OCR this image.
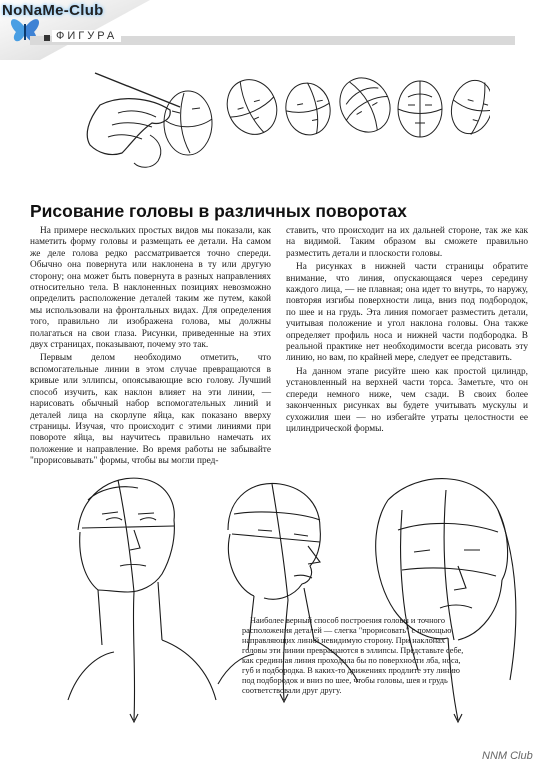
NoNaMe-Club
ФИГУРА
Рисование головы в различных поворотах

На примере нескольких простых видов мы показали, как наметить форму головы и размещать ее детали. На самом же деле голова редко рассматривается точно спереди. Обычно она повернута или наклонена в ту или другую сторону; она может быть повернута в разных направлениях относительно тела. В наклоненных позициях невозможно определить расположение деталей таким же путем, какой мы использовали на фронтальных видах. Для определения того, правильно ли изображена голова, мы должны полагаться на свои глаза. Рисунки, приведенные на этих двух страницах, показывают, почему это так.

Первым делом необходимо отметить, что вспомогательные линии в этом случае превращаются в кривые или эллипсы, опоясывающие всю голову. Лучший способ изучить, как наклон влияет на эти линии, — нарисовать обычный набор вспомогательных линий и деталей лица на скорлупе яйца, как показано вверху страницы. Изучая, что происходит с этими линиями при повороте яйца, вы научитесь правильно намечать их положение и направление. Во время работы не забывайте "прорисовывать" формы, чтобы вы могли пред-

ставить, что происходит на их дальней стороне, так же как на видимой. Таким образом вы сможете правильно разместить детали и плоскости головы.

На рисунках в нижней части страницы обратите внимание, что линия, опускающаяся через середину каждого лица, — не плавная; она идет то внутрь, то наружу, повторяя изгибы поверхности лица, вниз под подбородок, по шее и на грудь. Эта линия помогает разместить детали, учитывая положение и угол наклона головы. Она также определяет профиль носа и нижней части подбородка. В реальной практике нет необходимости всегда рисовать эту линию, но вам, по крайней мере, следует ее представить.

На данном этапе рисуйте шею как простой цилиндр, установленный на верхней части торса. Заметьте, что он спереди немного ниже, чем сзади. В своих более законченных рисунках вы будете учитывать мускулы и сухожилия шеи — но избегайте утраты целостности ее цилиндрической формы.

Наиболее верный способ построения головы и точного расположения деталей — слегка "прорисовать" с помощью направляющих линий невидимую сторону. При наклонах головы эти линии превращаются в эллипсы. Представьте себе, как срединная линия проходила бы по поверхности лба, носа, губ и подбородка. В каких-то движениях продлите эту линию под подбородок и вниз по шее, чтобы головы, шея и грудь соответствовали друг другу.

NNM Club
